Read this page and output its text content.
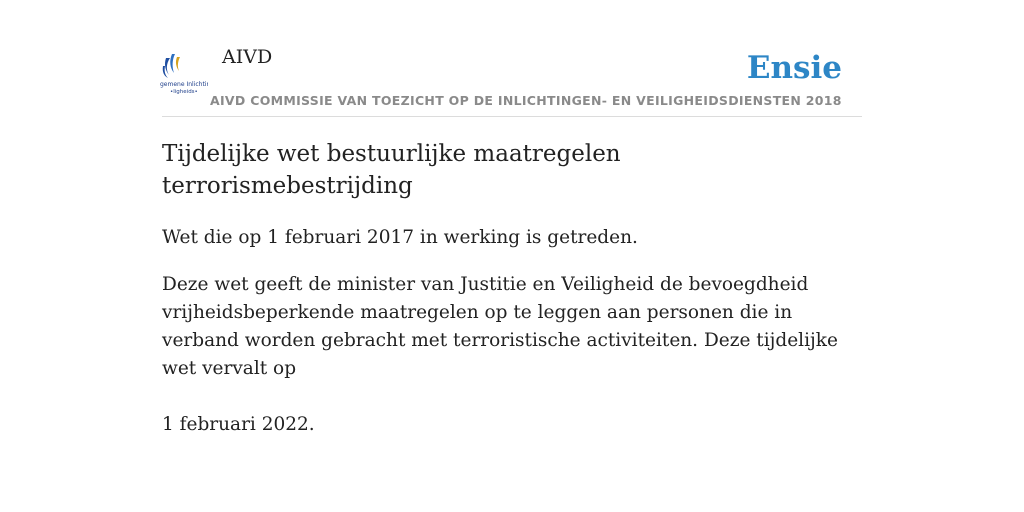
gemene Inlichtir
•ligheids•
AIVD	Ensie
AIVD COMMISSIE VAN TOEZICHT OP DE INLICHTINGEN- EN VEILIGHEIDSDIENSTEN 2018
Tijdelijke wet bestuurlijke maatregelen terrorismebestrijding

Wet die op 1 februari 2017 in werking is getreden.

Deze wet geeft de minister van Justitie en Veiligheid de bevoegdheid vrijheidsbeperkende maatregelen op te leggen aan personen die in verband worden gebracht met terroristische activiteiten. Deze tijdelijke wet vervalt op

1 februari 2022.
